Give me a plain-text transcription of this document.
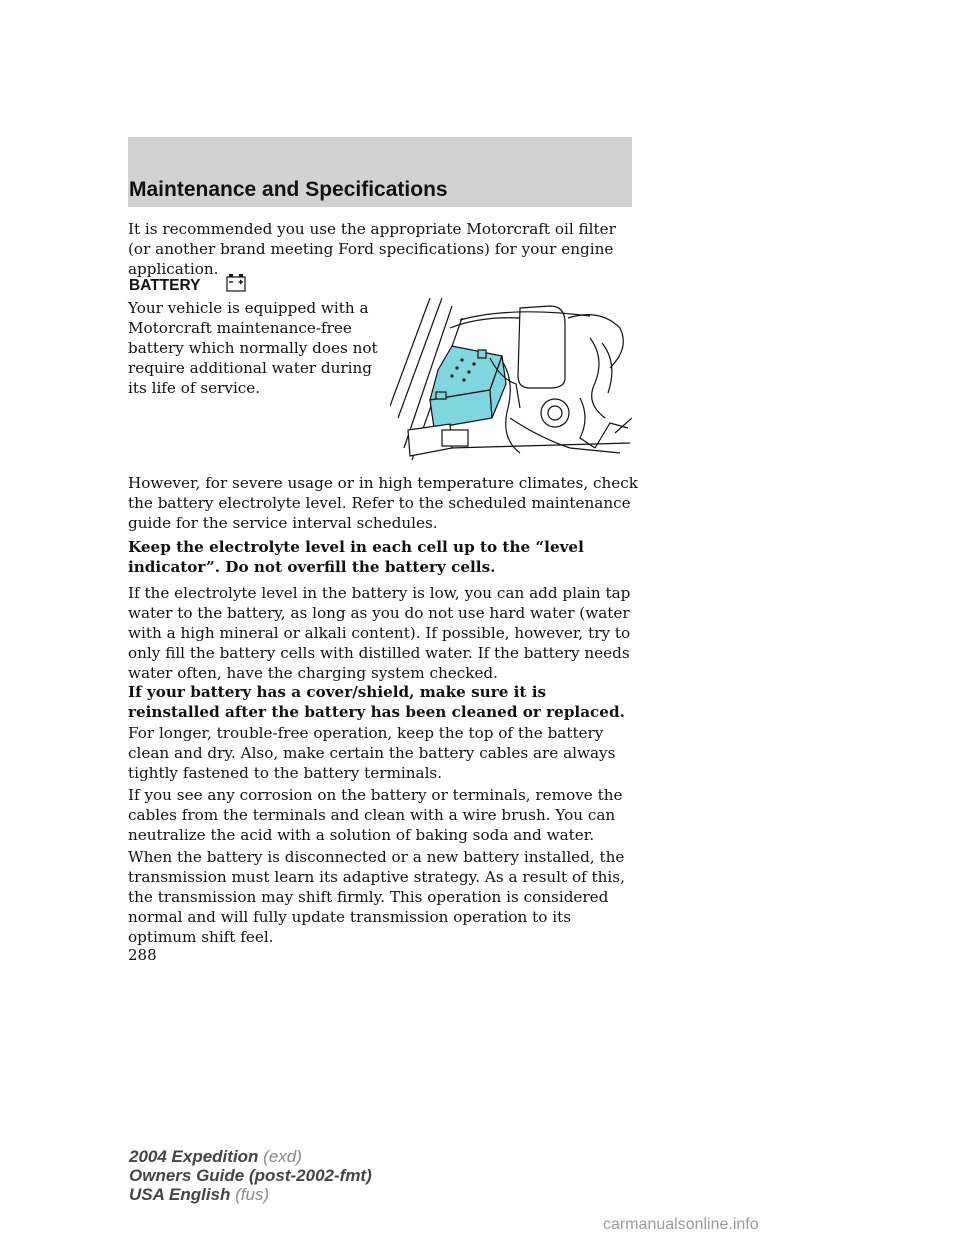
Maintenance and Specifications

It is recommended you use the appropriate Motorcraft oil filter (or another brand meeting Ford specifications) for your engine application.

BATTERY

Your vehicle is equipped with a Motorcraft maintenance-free battery which normally does not require additional water during its life of service.

However, for severe usage or in high temperature climates, check the battery electrolyte level. Refer to the scheduled maintenance guide for the service interval schedules.

Keep the electrolyte level in each cell up to the “level indicator”. Do not overfill the battery cells.

If the electrolyte level in the battery is low, you can add plain tap water to the battery, as long as you do not use hard water (water with a high mineral or alkali content). If possible, however, try to only fill the battery cells with distilled water. If the battery needs water often, have the charging system checked.

If your battery has a cover/shield, make sure it is reinstalled after the battery has been cleaned or replaced.

For longer, trouble-free operation, keep the top of the battery clean and dry. Also, make certain the battery cables are always tightly fastened to the battery terminals.

If you see any corrosion on the battery or terminals, remove the cables from the terminals and clean with a wire brush. You can neutralize the acid with a solution of baking soda and water.

When the battery is disconnected or a new battery installed, the transmission must learn its adaptive strategy. As a result of this, the transmission may shift firmly. This operation is considered normal and will fully update transmission operation to its optimum shift feel.

288
2004 Expedition (exd)
Owners Guide (post-2002-fmt)
USA English (fus)
carmanualsonline.info
